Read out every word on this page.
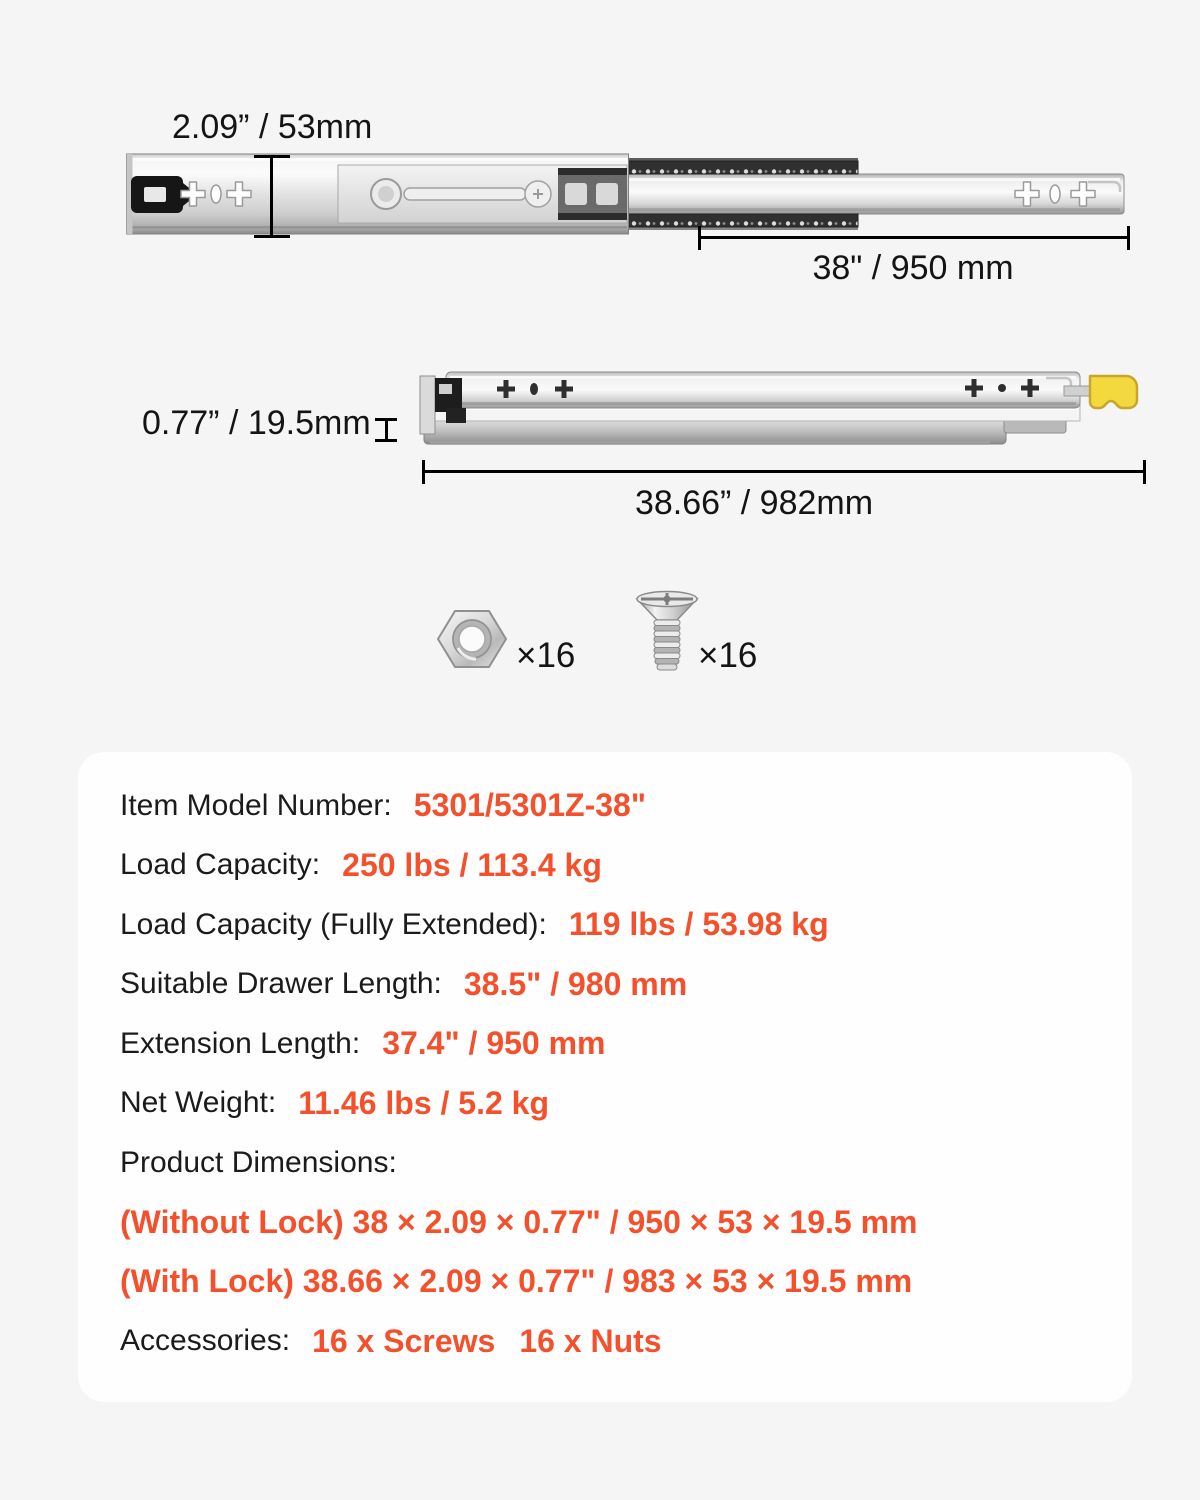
2.09” / 53mm
38" / 950 mm
0.77” / 19.5mm
38.66” / 982mm
×16	×16
Item Model Number: 5301/5301Z-38"
Load Capacity: 250 lbs / 113.4 kg
Load Capacity (Fully Extended): 119 lbs / 53.98 kg
Suitable Drawer Length: 38.5" / 980 mm
Extension Length: 37.4" / 950 mm
Net Weight: 11.46 lbs / 5.2 kg
Product Dimensions:
(Without Lock) 38 × 2.09 × 0.77" / 950 × 53 × 19.5 mm
(With Lock) 38.66 × 2.09 × 0.77" / 983 × 53 × 19.5 mm
Accessories: 16 x Screws 16 x Nuts
